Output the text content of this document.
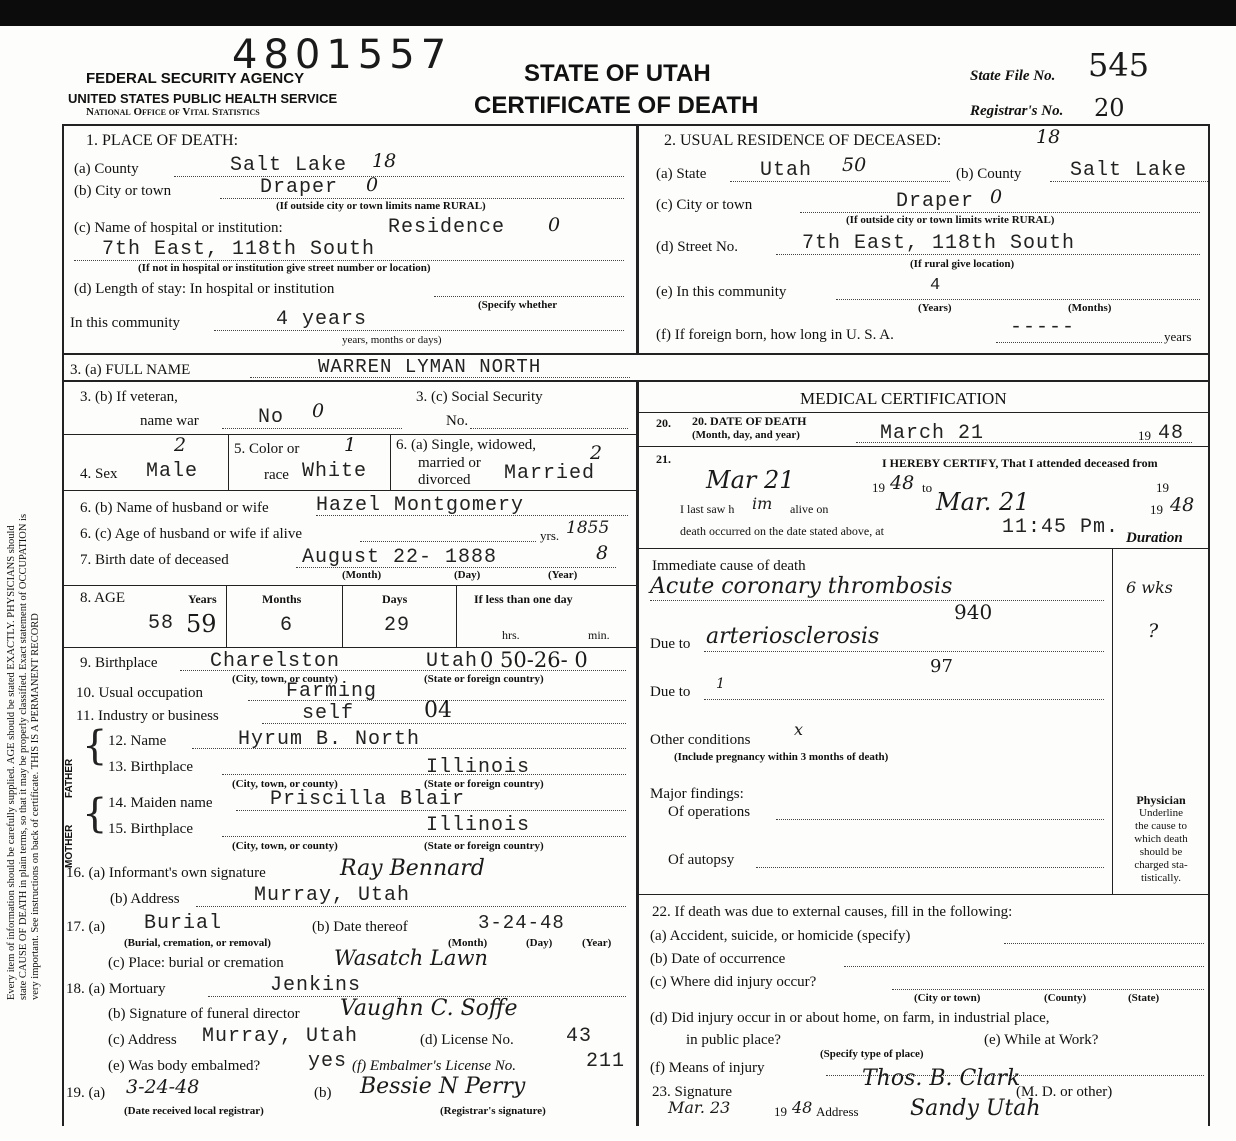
Every item of information should be carefully supplied. AGE should be stated EXACTLY. PHYSICIANS should state CAUSE OF DEATH in plain terms, so that it may be properly classified. Exact statement of OCCUPATION is very important. See instructions on back of certificate. THIS IS A PERMANENT RECORD
4801557
FEDERAL SECURITY AGENCY
UNITED STATES PUBLIC HEALTH SERVICE
National Office of Vital Statistics
STATE OF UTAH
CERTIFICATE OF DEATH
State File No. 545
Registrar's No. 20
1. PLACE OF DEATH:
(a) County	Salt Lake 18
(b) City or town	Draper 0
(If outside city or town limits name RURAL)
(c) Name of hospital or institution:	Residence 0
7th East, 118th South
(If not in hospital or institution give street number or location)
(d) Length of stay: In hospital or institution
(Specify whether
In this community	4 years
years, months or days)
2. USUAL RESIDENCE OF DECEASED:	18
(a) State	Utah 50	(b) County Salt Lake
(c) City or town	Draper 0
(If outside city or town limits write RURAL)
(d) Street No.	7th East, 118th South
(If rural give location)
(e) In this community	4
(Years)	(Months)
(f) If foreign born, how long in U. S. A.	-----	years
3. (a) FULL NAME	WARREN LYMAN NORTH
3. (b) If veteran,
name war	No 0
3. (c) Social Security
No.
2
4. Sex Male
5. Color or
race White
1	6. (a) Single, widowed,
married or
divorced Married
2
6. (b) Name of husband or wife Hazel Montgomery
6. (c) Age of husband or wife if alive	yrs. 1855
7. Birth date of deceased	August 22- 1888	8
(Month)	(Day)	(Year)
8. AGE	Years	Months	Days	If less than one day
58 59	6	29	hrs.	min.
9. Birthplace	Charelston	Utah 0 50-26- 0
(City, town, or county)	(State or foreign country)
10. Usual occupation	Farming
11. Industry or business	self	04
FATHER
{ 12. Name	Hyrum B. North
13. Birthplace	Illinois
(City, town, or county)	(State or foreign country)
MOTHER
{ 14. Maiden name	Priscilla Blair
15. Birthplace	Illinois
(City, town, or county)	(State or foreign country)
16. (a) Informant's own signature	Ray Bennard
(b) Address	Murray, Utah
17. (a) Burial
(Burial, cremation, or removal)
(b) Date thereof	3-24-48
(Month)	(Day)	(Year)
(c) Place: burial or cremation Wasatch Lawn
18. (a) Mortuary	Jenkins
(b) Signature of funeral director Vaughn C. Soffe
(c) Address Murray, Utah	(d) License No.	43
(e) Was body embalmed? yes (f) Embalmer's License No.	211
19. (a) 3-24-48
(Date received local registrar)
(b) Bessie N Perry
(Registrar's signature)
MEDICAL CERTIFICATION
20. 20. DATE OF DEATH
(Month, day, and year)	March 21	19 48
21.	I HEREBY CERTIFY, That I attended deceased from
Mar 21	19 48 to	19
I last saw h im alive on	Mar. 21	19 48
death occurred on the date stated above, at	11:45 Pm. Duration
Immediate cause of death
Acute coronary thrombosis	6 wks
940
Due to arteriosclerosis	?
Due to 1
97
Other conditions
x
(Include pregnancy within 3 months of death)
Major findings:
Of operations
Of autopsy
Physician
Underline
the cause to
which death
should be
charged sta-
tistically.
22. If death was due to external causes, fill in the following:
(a) Accident, suicide, or homicide (specify)
(b) Date of occurrence
(c) Where did injury occur?
(City or town)	(County)	(State)
(d) Did injury occur in or about home, on farm, in industrial place,
in public place?
(Specify type of place)
(e) While at Work?
(f) Means of injury
23. Signature
Thos. B. Clark
(M. D. or other)
Mar. 23	19 48 Address Sandy Utah
